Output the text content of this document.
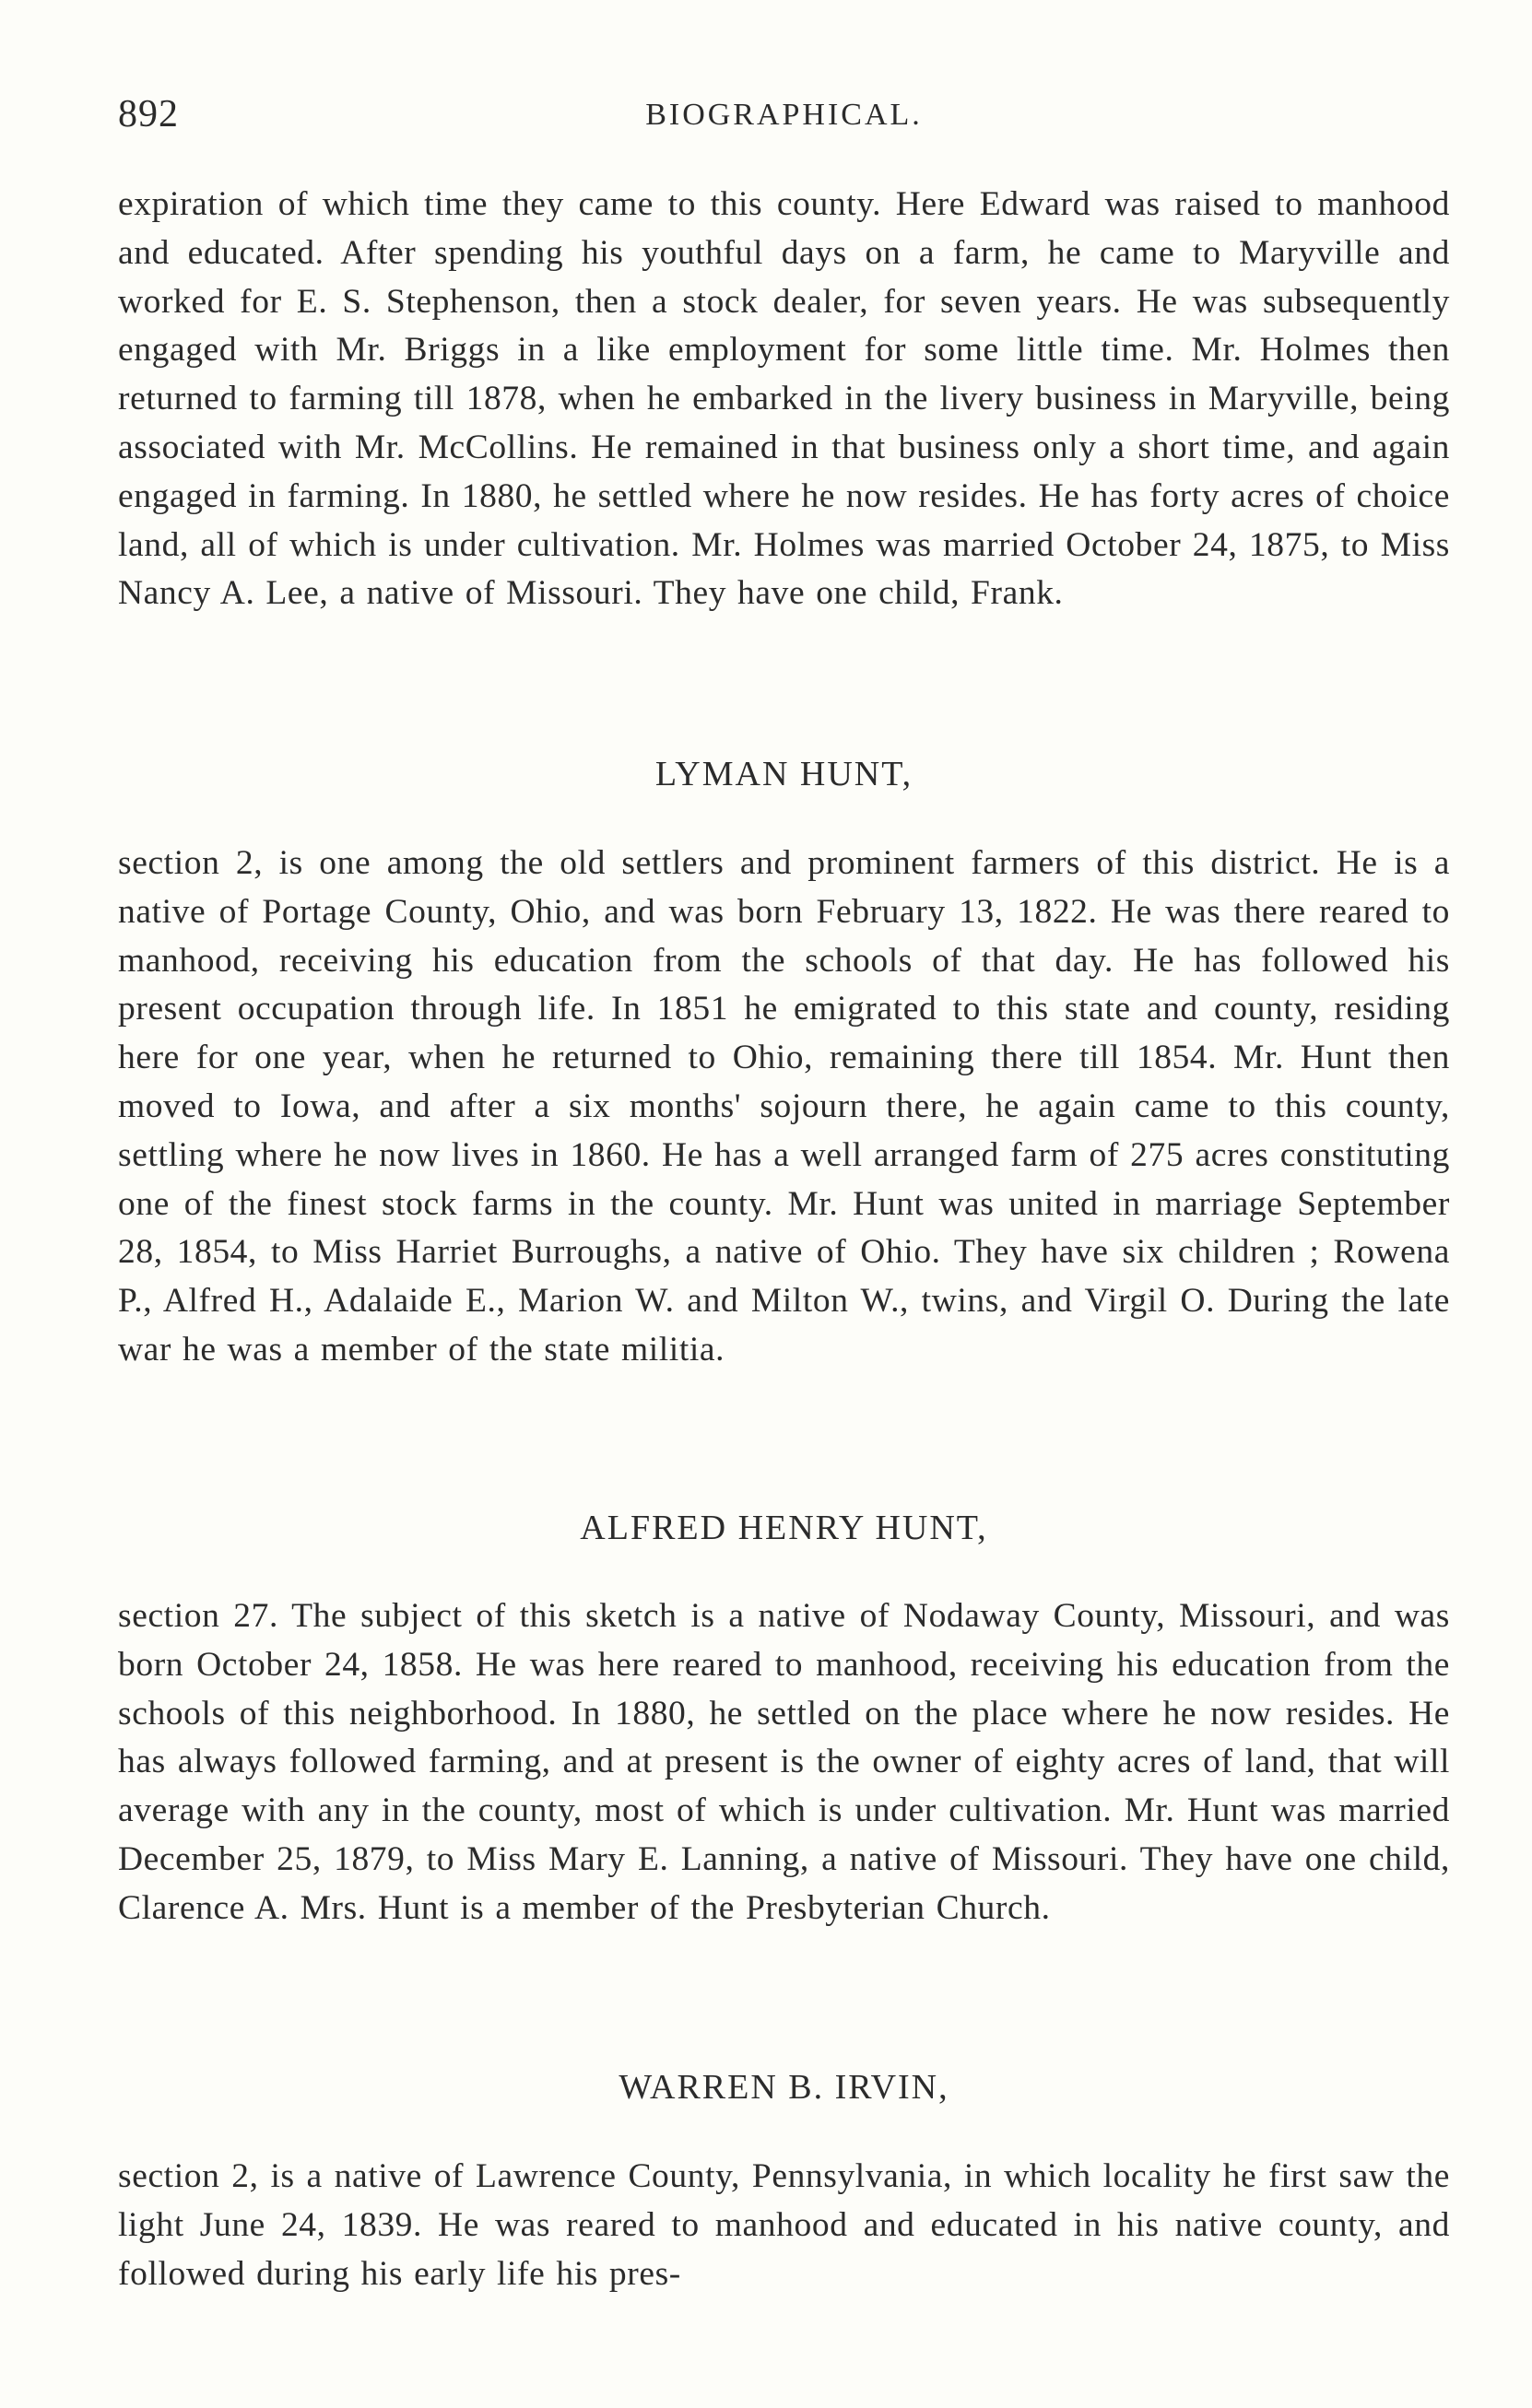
892	BIOGRAPHICAL.

expiration of which time they came to this county. Here Edward was raised to manhood and educated. After spending his youthful days on a farm, he came to Maryville and worked for E. S. Stephenson, then a stock dealer, for seven years. He was subsequently engaged with Mr. Briggs in a like employment for some little time. Mr. Holmes then returned to farming till 1878, when he embarked in the livery business in Maryville, being associated with Mr. McCollins. He remained in that business only a short time, and again engaged in farming. In 1880, he settled where he now resides. He has forty acres of choice land, all of which is under cultivation. Mr. Holmes was married October 24, 1875, to Miss Nancy A. Lee, a native of Missouri. They have one child, Frank.

LYMAN HUNT,

section 2, is one among the old settlers and prominent farmers of this district. He is a native of Portage County, Ohio, and was born February 13, 1822. He was there reared to manhood, receiving his education from the schools of that day. He has followed his present occupation through life. In 1851 he emigrated to this state and county, residing here for one year, when he returned to Ohio, remaining there till 1854. Mr. Hunt then moved to Iowa, and after a six months' sojourn there, he again came to this county, settling where he now lives in 1860. He has a well arranged farm of 275 acres constituting one of the finest stock farms in the county. Mr. Hunt was united in marriage September 28, 1854, to Miss Harriet Burroughs, a native of Ohio. They have six children ; Rowena P., Alfred H., Adalaide E., Marion W. and Milton W., twins, and Virgil O. During the late war he was a member of the state militia.

ALFRED HENRY HUNT,

section 27. The subject of this sketch is a native of Nodaway County, Missouri, and was born October 24, 1858. He was here reared to manhood, receiving his education from the schools of this neighborhood. In 1880, he settled on the place where he now resides. He has always followed farming, and at present is the owner of eighty acres of land, that will average with any in the county, most of which is under cultivation. Mr. Hunt was married December 25, 1879, to Miss Mary E. Lanning, a native of Missouri. They have one child, Clarence A. Mrs. Hunt is a member of the Presbyterian Church.

WARREN B. IRVIN,

section 2, is a native of Lawrence County, Pennsylvania, in which locality he first saw the light June 24, 1839. He was reared to manhood and educated in his native county, and followed during his early life his pres-
